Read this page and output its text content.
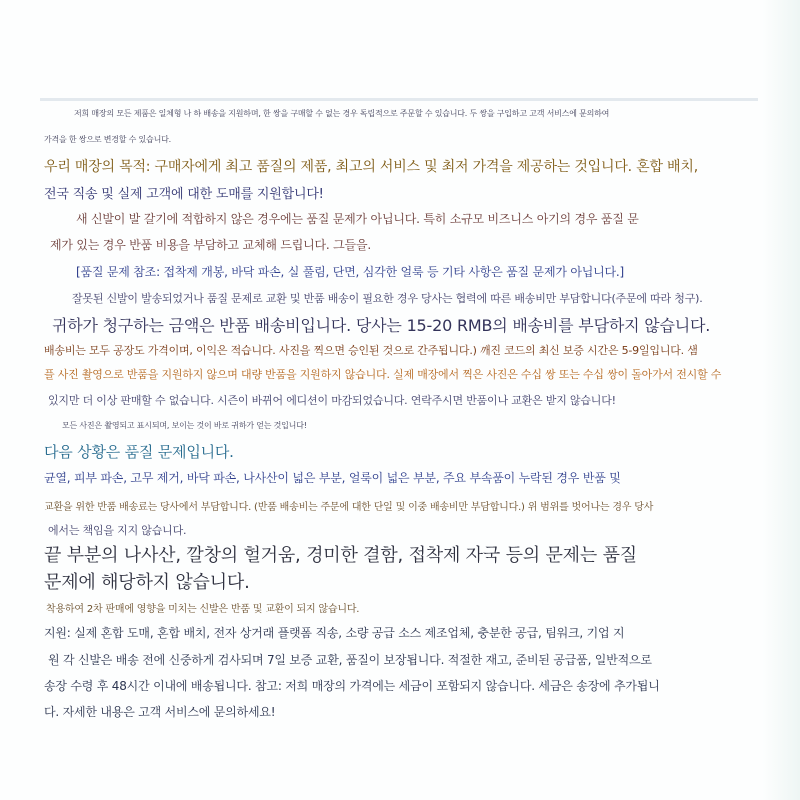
저희 매장의 모든 제품은 일체형 나 하 배송을 지원하며, 한 쌍을 구매할 수 없는 경우 독립적으로 주문할 수 있습니다. 두 쌍을 구입하고 고객 서비스에 문의하여

가격을 한 쌍으로 변경할 수 있습니다.

우리 매장의 목적: 구매자에게 최고 품질의 제품, 최고의 서비스 및 최저 가격을 제공하는 것입니다. 혼합 배치,

전국 직송 및 실제 고객에 대한 도매를 지원합니다!

새 신발이 발 갈기에 적합하지 않은 경우에는 품질 문제가 아닙니다. 특히 소규모 비즈니스 아기의 경우 품질 문

제가 있는 경우 반품 비용을 부담하고 교체해 드립니다. 그들을.

[품질 문제 참조: 접착제 개봉, 바닥 파손, 실 풀림, 단면, 심각한 얼룩 등 기타 사항은 품질 문제가 아닙니다.]

잘못된 신발이 발송되었거나 품질 문제로 교환 및 반품 배송이 필요한 경우 당사는 협력에 따른 배송비만 부담합니다(주문에 따라 청구).

귀하가 청구하는 금액은 반품 배송비입니다. 당사는 15-20 RMB의 배송비를 부담하지 않습니다.

배송비는 모두 공장도 가격이며, 이익은 적습니다. 사진을 찍으면 승인된 것으로 간주됩니다.) 깨진 코드의 최신 보증 시간은 5-9일입니다. 샘

플 사진 촬영으로 반품을 지원하지 않으며 대량 반품을 지원하지 않습니다. 실제 매장에서 찍은 사진은 수십 쌍 또는 수십 쌍이 돌아가서 전시할 수

있지만 더 이상 판매할 수 없습니다. 시즌이 바뀌어 에디션이 마감되었습니다. 연락주시면 반품이나 교환은 받지 않습니다!

모든 사진은 촬영되고 표시되며, 보이는 것이 바로 귀하가 얻는 것입니다!

다음 상황은 품질 문제입니다.

균열, 피부 파손, 고무 제거, 바닥 파손, 나사산이 넓은 부분, 얼룩이 넓은 부분, 주요 부속품이 누락된 경우 반품 및

교환을 위한 반품 배송료는 당사에서 부담합니다. (반품 배송비는 주문에 대한 단일 및 이중 배송비만 부담합니다.) 위 범위를 벗어나는 경우 당사

에서는 책임을 지지 않습니다.

끝 부분의 나사산, 깔창의 헐거움, 경미한 결함, 접착제 자국 등의 문제는 품질

문제에 해당하지 않습니다.

착용하여 2차 판매에 영향을 미치는 신발은 반품 및 교환이 되지 않습니다.

지원: 실제 혼합 도매, 혼합 배치, 전자 상거래 플랫폼 직송, 소량 공급 소스 제조업체, 충분한 공급, 팀워크, 기업 지

원 각 신발은 배송 전에 신중하게 검사되며 7일 보증 교환, 품질이 보장됩니다. 적절한 재고, 준비된 공급품, 일반적으로

송장 수령 후 48시간 이내에 배송됩니다. 참고: 저희 매장의 가격에는 세금이 포함되지 않습니다. 세금은 송장에 추가됩니

다. 자세한 내용은 고객 서비스에 문의하세요!
